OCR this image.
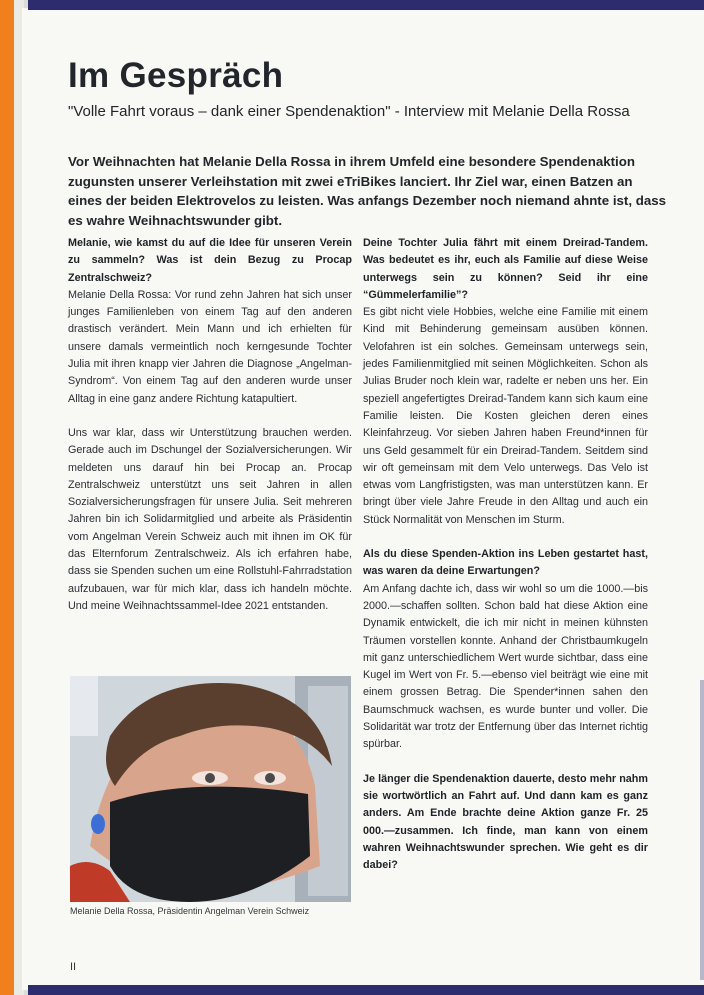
Im Gespräch

"Volle Fahrt voraus – dank einer Spendenaktion" - Interview mit Melanie Della Rossa

Vor Weihnachten hat Melanie Della Rossa in ihrem Umfeld eine besondere Spendenaktion zugunsten unserer Verleihstation mit zwei eTriBikes lanciert. Ihr Ziel war, einen Batzen an eines der beiden Elektrovelos zu leisten. Was anfangs Dezember noch niemand ahnte ist, dass es wahre Weihnachtswunder gibt.

Melanie, wie kamst du auf die Idee für unseren Verein zu sammeln? Was ist dein Bezug zu Procap Zentralschweiz?

Melanie Della Rossa: Vor rund zehn Jahren hat sich unser junges Familienleben von einem Tag auf den anderen drastisch verändert. Mein Mann und ich erhielten für unsere damals vermeintlich noch kerngesunde Tochter Julia mit ihren knapp vier Jahren die Diagnose „Angelman-Syndrom“. Von einem Tag auf den anderen wurde unser Alltag in eine ganz andere Richtung katapultiert.

Uns war klar, dass wir Unterstützung brauchen werden. Gerade auch im Dschungel der Sozialversicherungen. Wir meldeten uns darauf hin bei Procap an. Procap Zentralschweiz unterstützt uns seit Jahren in allen Sozialversicherungsfragen für unsere Julia. Seit mehreren Jahren bin ich Solidarmitglied und arbeite als Präsidentin vom Angelman Verein Schweiz auch mit ihnen im OK für das Elternforum Zentralschweiz. Als ich erfahren habe, dass sie Spenden suchen um eine Rollstuhl-Fahrradstation aufzubauen, war für mich klar, dass ich handeln möchte. Und meine Weihnachtssammel-Idee 2021 entstanden.

Deine Tochter Julia fährt mit einem Dreirad-Tandem. Was bedeutet es ihr, euch als Familie auf diese Weise unterwegs sein zu können? Seid ihr eine “Gümmelerfamilie”?

Es gibt nicht viele Hobbies, welche eine Familie mit einem Kind mit Behinderung gemeinsam ausüben können. Velofahren ist ein solches. Gemeinsam unterwegs sein, jedes Familienmitglied mit seinen Möglichkeiten. Schon als Julias Bruder noch klein war, radelte er neben uns her. Ein speziell angefertigtes Dreirad-Tandem kann sich kaum eine Familie leisten. Die Kosten gleichen deren eines Kleinfahrzeug. Vor sieben Jahren haben Freund*innen für uns Geld gesammelt für ein Dreirad-Tandem. Seitdem sind wir oft gemeinsam mit dem Velo unterwegs. Das Velo ist etwas vom Langfristigsten, was man unterstützen kann. Er bringt über viele Jahre Freude in den Alltag und auch ein Stück Normalität von Menschen im Sturm.

Als du diese Spenden-Aktion ins Leben gestartet hast, was waren da deine Erwartungen?

Am Anfang dachte ich, dass wir wohl so um die 1000.—bis 2000.—schaffen sollten. Schon bald hat diese Aktion eine Dynamik entwickelt, die ich mir nicht in meinen kühnsten Träumen vorstellen konnte. Anhand der Christbaumkugeln mit ganz unterschiedlichem Wert wurde sichtbar, dass eine Kugel im Wert von Fr. 5.—ebenso viel beiträgt wie eine mit einem grossen Betrag. Die Spender*innen sahen den Baumschmuck wachsen, es wurde bunter und voller. Die Solidarität war trotz der Entfernung über das Internet richtig spürbar.

Je länger die Spendenaktion dauerte, desto mehr nahm sie wortwörtlich an Fahrt auf. Und dann kam es ganz anders. Am Ende brachte deine Aktion ganze Fr. 25 000.—zusammen. Ich finde, man kann von einem wahren Weihnachtswunder sprechen. Wie geht es dir dabei?

Melanie Della Rossa, Präsidentin Angelman Verein Schweiz

II
